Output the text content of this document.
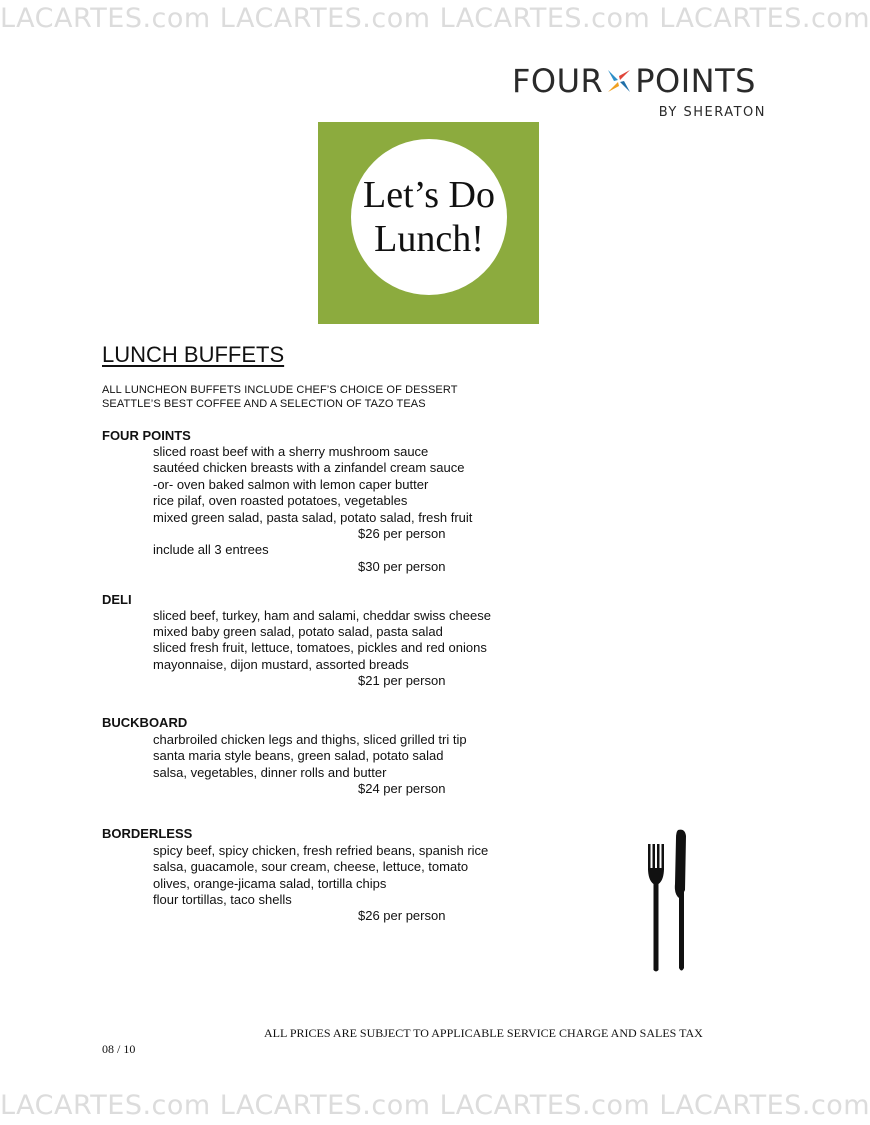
LACARTES.com LACARTES.com LACARTES.com LACARTES.com
LACARTES.com LACARTES.com LACARTES.com LACARTES.com
FOUR POINTS
BY SHERATON
Let’s Do
Lunch!
LUNCH BUFFETS
ALL LUNCHEON BUFFETS INCLUDE CHEF’S CHOICE OF DESSERT
SEATTLE’S BEST COFFEE AND A SELECTION OF TAZO TEAS
FOUR POINTS
sliced roast beef with a sherry mushroom sauce
sautéed chicken breasts with a zinfandel cream sauce
-or- oven baked salmon with lemon caper butter
rice pilaf, oven roasted potatoes, vegetables
mixed green salad, pasta salad, potato salad, fresh fruit
$26 per person
include all 3 entrees
$30 per person
DELI
sliced beef, turkey, ham and salami, cheddar swiss cheese
mixed baby green salad, potato salad, pasta salad
sliced fresh fruit, lettuce, tomatoes, pickles and red onions
mayonnaise, dijon mustard, assorted breads
$21 per person
BUCKBOARD
charbroiled chicken legs and thighs, sliced grilled tri tip
santa maria style beans, green salad, potato salad
salsa, vegetables, dinner rolls and butter
$24 per person
BORDERLESS
spicy beef, spicy chicken, fresh refried beans, spanish rice
salsa, guacamole, sour cream, cheese, lettuce, tomato
olives, orange-jicama salad, tortilla chips
flour tortillas, taco shells
$26 per person
ALL PRICES ARE SUBJECT TO APPLICABLE SERVICE CHARGE AND SALES TAX
08 / 10
